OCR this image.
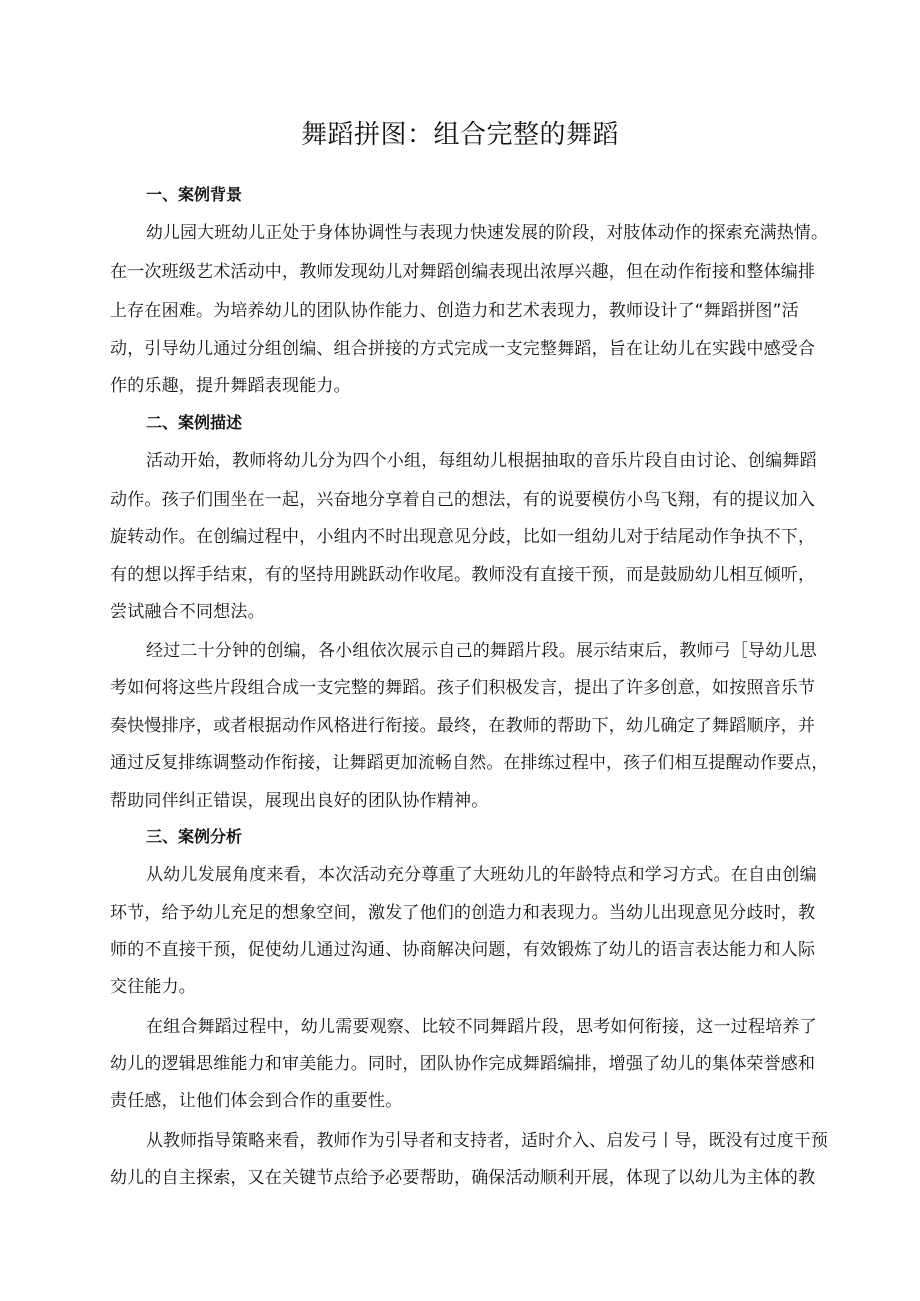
舞蹈拼图：组合完整的舞蹈
一、案例背景
幼儿园大班幼儿正处于身体协调性与表现力快速发展的阶段，对肢体动作的探索充满热情。
在一次班级艺术活动中，教师发现幼儿对舞蹈创编表现出浓厚兴趣，但在动作衔接和整体编排
上存在困难。为培养幼儿的团队协作能力、创造力和艺术表现力，教师设计了“舞蹈拼图”活
动，引导幼儿通过分组创编、组合拼接的方式完成一支完整舞蹈，旨在让幼儿在实践中感受合
作的乐趣，提升舞蹈表现能力。
二、案例描述
活动开始，教师将幼儿分为四个小组，每组幼儿根据抽取的音乐片段自由讨论、创编舞蹈
动作。孩子们围坐在一起，兴奋地分享着自己的想法，有的说要模仿小鸟飞翔，有的提议加入
旋转动作。在创编过程中，小组内不时出现意见分歧，比如一组幼儿对于结尾动作争执不下，
有的想以挥手结束，有的坚持用跳跃动作收尾。教师没有直接干预，而是鼓励幼儿相互倾听，
尝试融合不同想法。
经过二十分钟的创编，各小组依次展示自己的舞蹈片段。展示结束后，教师弓［导幼儿思
考如何将这些片段组合成一支完整的舞蹈。孩子们积极发言，提出了许多创意，如按照音乐节
奏快慢排序，或者根据动作风格进行衔接。最终，在教师的帮助下，幼儿确定了舞蹈顺序，并
通过反复排练调整动作衔接，让舞蹈更加流畅自然。在排练过程中，孩子们相互提醒动作要点，
帮助同伴纠正错误，展现出良好的团队协作精神。
三、案例分析
从幼儿发展角度来看，本次活动充分尊重了大班幼儿的年龄特点和学习方式。在自由创编
环节，给予幼儿充足的想象空间，激发了他们的创造力和表现力。当幼儿出现意见分歧时，教
师的不直接干预，促使幼儿通过沟通、协商解决问题，有效锻炼了幼儿的语言表达能力和人际
交往能力。
在组合舞蹈过程中，幼儿需要观察、比较不同舞蹈片段，思考如何衔接，这一过程培养了
幼儿的逻辑思维能力和审美能力。同时，团队协作完成舞蹈编排，增强了幼儿的集体荣誉感和
责任感，让他们体会到合作的重要性。
从教师指导策略来看，教师作为引导者和支持者，适时介入、启发弓丨导，既没有过度干预
幼儿的自主探索，又在关键节点给予必要帮助，确保活动顺利开展，体现了以幼儿为主体的教
